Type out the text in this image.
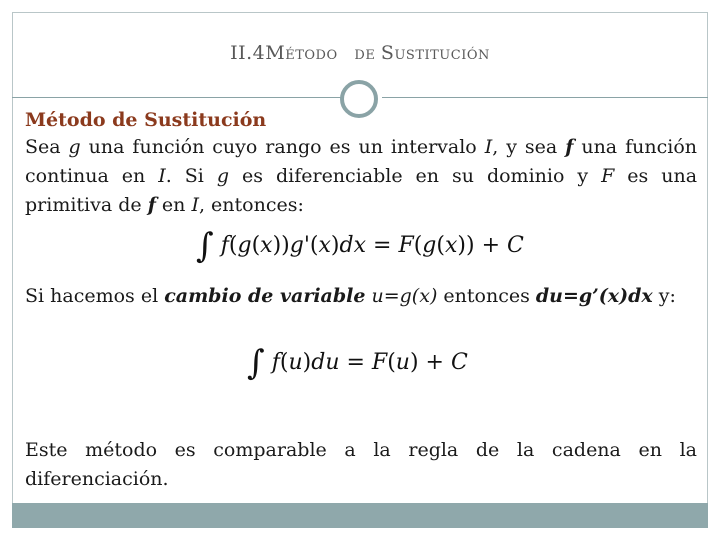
II.4MÉTODO DE SUSTITUCIÓN

Método de Sustitución

Sea g una función cuyo rango es un intervalo I, y sea f una función continua en I. Si g es diferenciable en su dominio y F es una primitiva de f en I, entonces:

∫ f(g(x))g'(x)dx = F(g(x)) + C

Si hacemos el cambio de variable u=g(x) entonces du=g’(x)dx y:

∫ f(u)du = F(u) + C

Este método es comparable a la regla de la cadena en la diferenciación.
